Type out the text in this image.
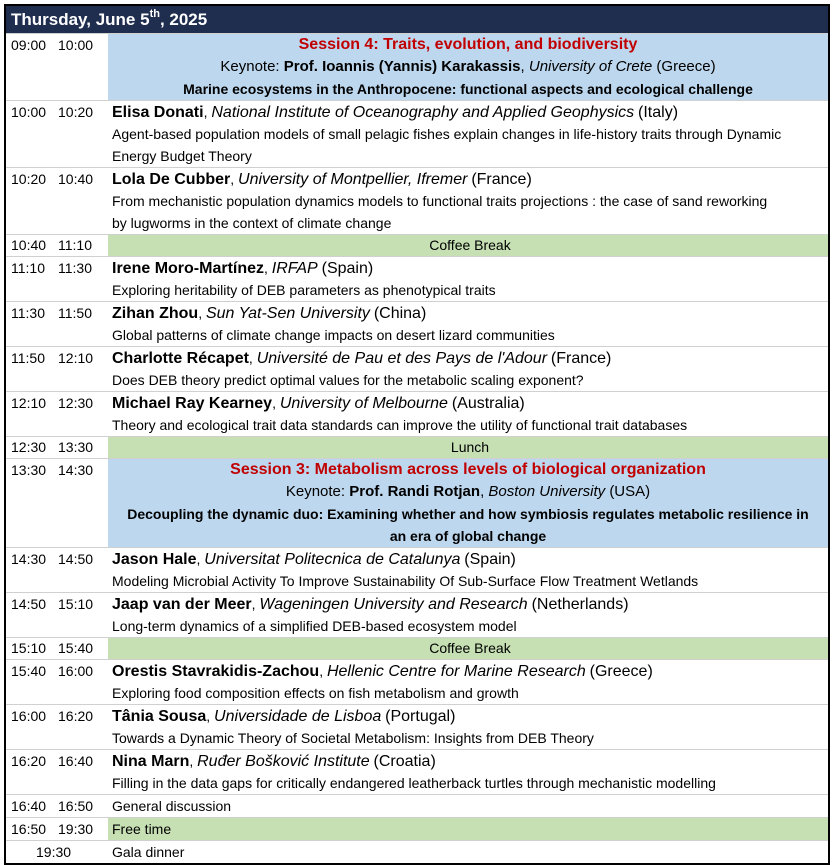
Thursday, June 5th, 2025
09:00 10:00	Session 4: Traits, evolution, and biodiversity
Keynote: Prof. Ioannis (Yannis) Karakassis, University of Crete (Greece)
Marine ecosystems in the Anthropocene: functional aspects and ecological challenge
10:00 10:20	Elisa Donati, National Institute of Oceanography and Applied Geophysics (Italy)
Agent-based population models of small pelagic fishes explain changes in life-history traits through Dynamic Energy Budget Theory
10:20 10:40	Lola De Cubber, University of Montpellier, Ifremer (France)
From mechanistic population dynamics models to functional traits projections : the case of sand reworking by lugworms in the context of climate change
10:40 11:10	Coffee Break
11:10 11:30	Irene Moro-Martínez, IRFAP (Spain)
Exploring heritability of DEB parameters as phenotypical traits
11:30 11:50	Zihan Zhou, Sun Yat-Sen University (China)
Global patterns of climate change impacts on desert lizard communities
11:50 12:10	Charlotte Récapet, Université de Pau et des Pays de l'Adour (France)
Does DEB theory predict optimal values for the metabolic scaling exponent?
12:10 12:30	Michael Ray Kearney, University of Melbourne (Australia)
Theory and ecological trait data standards can improve the utility of functional trait databases
12:30 13:30	Lunch
13:30 14:30	Session 3: Metabolism across levels of biological organization
Keynote: Prof. Randi Rotjan, Boston University (USA)
Decoupling the dynamic duo: Examining whether and how symbiosis regulates metabolic resilience in an era of global change
14:30 14:50	Jason Hale, Universitat Politecnica de Catalunya (Spain)
Modeling Microbial Activity To Improve Sustainability Of Sub-Surface Flow Treatment Wetlands
14:50 15:10	Jaap van der Meer, Wageningen University and Research (Netherlands)
Long-term dynamics of a simplified DEB-based ecosystem model
15:10 15:40	Coffee Break
15:40 16:00	Orestis Stavrakidis-Zachou, Hellenic Centre for Marine Research (Greece)
Exploring food composition effects on fish metabolism and growth
16:00 16:20	Tânia Sousa, Universidade de Lisboa (Portugal)
Towards a Dynamic Theory of Societal Metabolism: Insights from DEB Theory
16:20 16:40	Nina Marn, Ruđer Bošković Institute (Croatia)
Filling in the data gaps for critically endangered leatherback turtles through mechanistic modelling
16:40 16:50	General discussion
16:50 19:30	Free time
19:30	Gala dinner
